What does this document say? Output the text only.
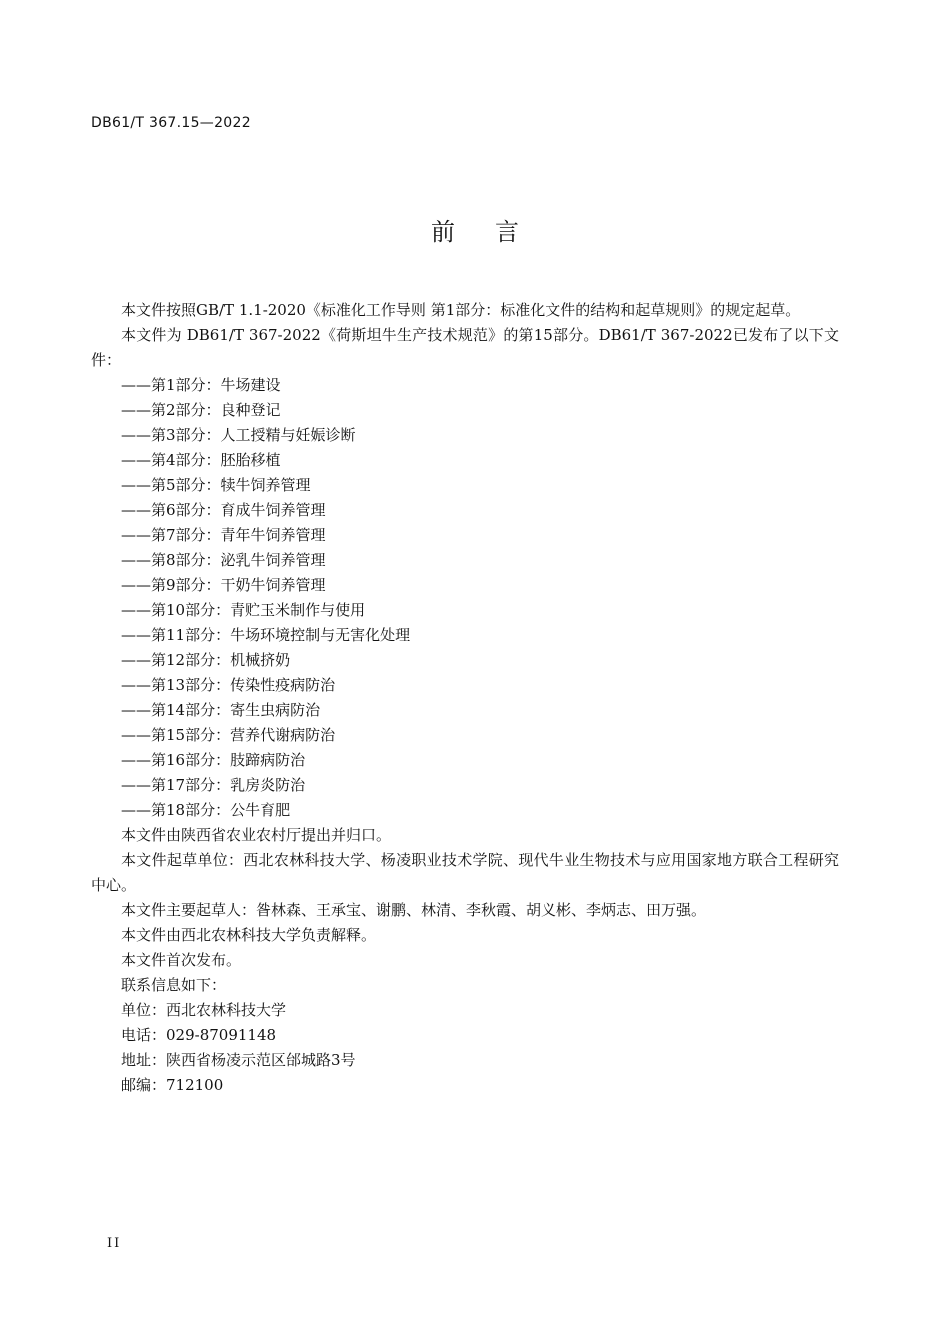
DB61/T 367.15—2022
前言

本文件按照GB/T 1.1-2020《标准化工作导则 第1部分：标准化文件的结构和起草规则》的规定起草。

本文件为 DB61/T 367-2022《荷斯坦牛生产技术规范》的第15部分。DB61/T 367-2022已发布了以下文件：

——第1部分：牛场建设
——第2部分：良种登记
——第3部分：人工授精与妊娠诊断
——第4部分：胚胎移植
——第5部分：犊牛饲养管理
——第6部分：育成牛饲养管理
——第7部分：青年牛饲养管理
——第8部分：泌乳牛饲养管理
——第9部分：干奶牛饲养管理
——第10部分：青贮玉米制作与使用
——第11部分：牛场环境控制与无害化处理
——第12部分：机械挤奶
——第13部分：传染性疫病防治
——第14部分：寄生虫病防治
——第15部分：营养代谢病防治
——第16部分：肢蹄病防治
——第17部分：乳房炎防治
——第18部分：公牛育肥

本文件由陕西省农业农村厅提出并归口。

本文件起草单位：西北农林科技大学、杨凌职业技术学院、现代牛业生物技术与应用国家地方联合工程研究中心。

本文件主要起草人：昝林森、王承宝、谢鹏、林清、李秋霞、胡义彬、李炳志、田万强。

本文件由西北农林科技大学负责解释。

本文件首次发布。

联系信息如下：

单位：西北农林科技大学

电话：029-87091148

地址：陕西省杨凌示范区邰城路3号

邮编：712100

II
